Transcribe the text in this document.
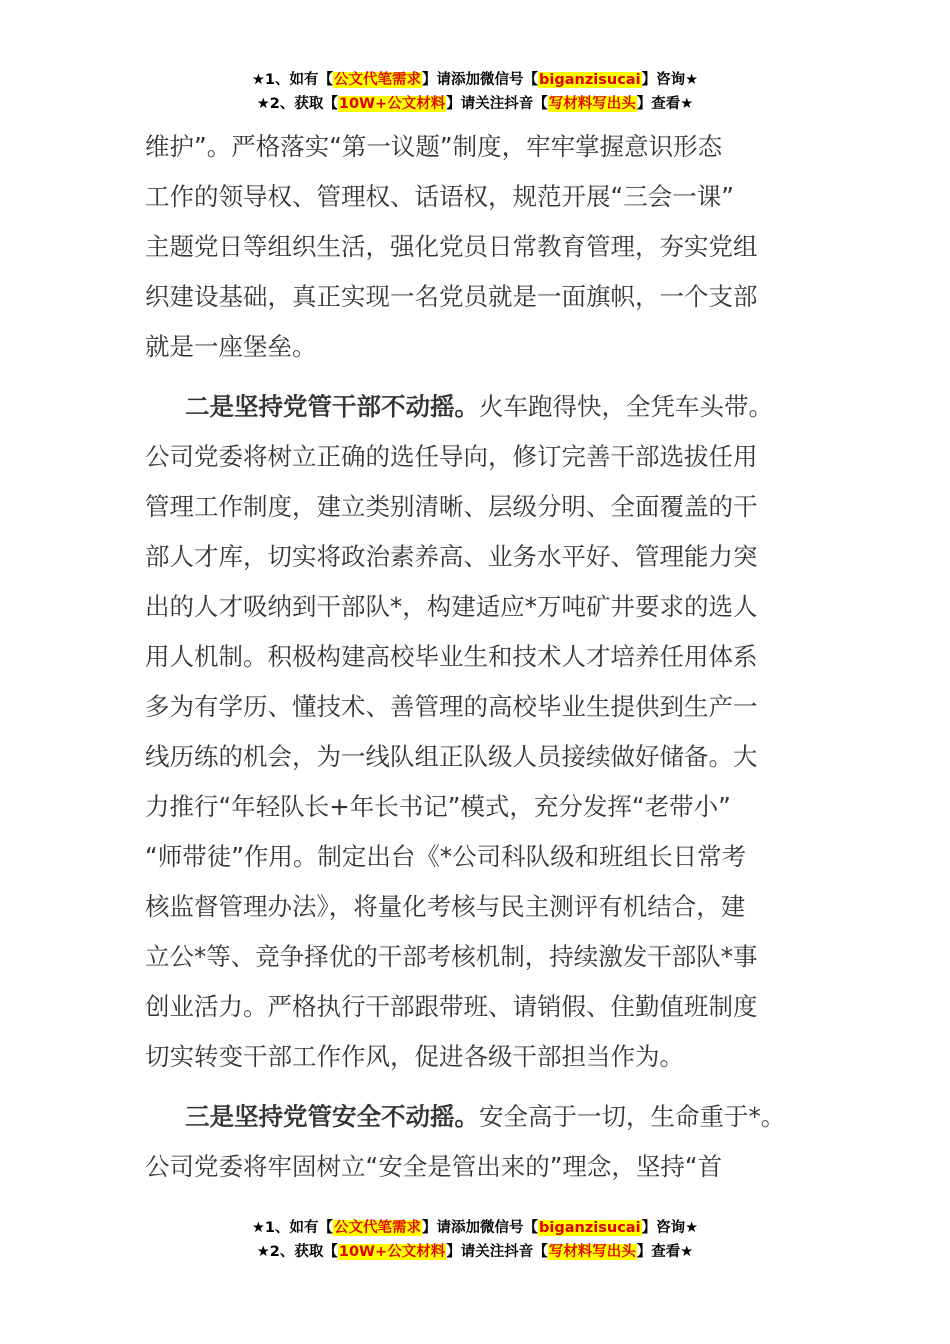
★1、如有【公文代笔需求】请添加微信号【biganzisucai】咨询★
★2、获取【10W+公文材料】请关注抖音【写材料写出头】查看★

维护”。严格落实“第一议题”制度，牢牢掌握意识形态
工作的领导权、管理权、话语权，规范开展“三会一课”
主题党日等组织生活，强化党员日常教育管理，夯实党组
织建设基础，真正实现一名党员就是一面旗帜，一个支部
就是一座堡垒。

二是坚持党管干部不动摇。火车跑得快，全凭车头带。
公司党委将树立正确的选任导向，修订完善干部选拔任用
管理工作制度，建立类别清晰、层级分明、全面覆盖的干
部人才库，切实将政治素养高、业务水平好、管理能力突
出的人才吸纳到干部队*，构建适应*万吨矿井要求的选人
用人机制。积极构建高校毕业生和技术人才培养任用体系
多为有学历、懂技术、善管理的高校毕业生提供到生产一
线历练的机会，为一线队组正队级人员接续做好储备。大
力推行“年轻队长+年长书记”模式，充分发挥“老带小”
“师带徒”作用。制定出台《*公司科队级和班组长日常考
核监督管理办法》，将量化考核与民主测评有机结合，建
立公*等、竞争择优的干部考核机制，持续激发干部队*事
创业活力。严格执行干部跟带班、请销假、住勤值班制度
切实转变干部工作作风，促进各级干部担当作为。

三是坚持党管安全不动摇。安全高于一切，生命重于*。
公司党委将牢固树立“安全是管出来的”理念，坚持“首

★1、如有【公文代笔需求】请添加微信号【biganzisucai】咨询★
★2、获取【10W+公文材料】请关注抖音【写材料写出头】查看★
